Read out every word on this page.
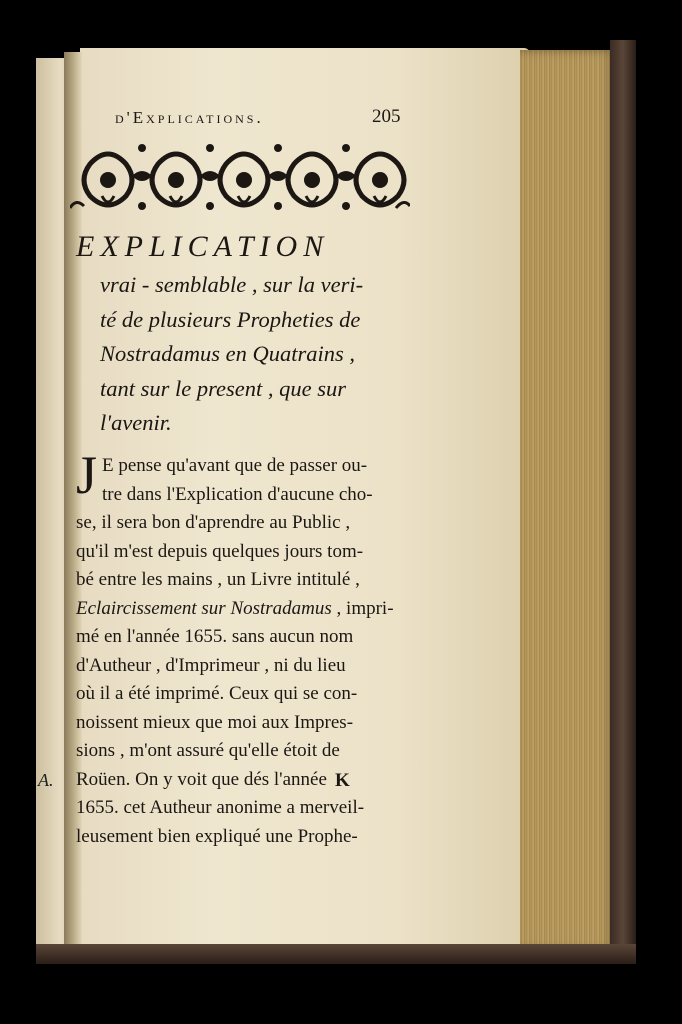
A.
d'Explications.	205
EXPLICATION
vrai - semblable , sur la veri-
té de plusieurs Propheties de
Nostradamus en Quatrains ,
tant sur le present , que sur
l'avenir.
J E pense qu'avant que de passer ou-
tre dans l'Explication d'aucune cho-
se, il sera bon d'aprendre au Public ,
qu'il m'est depuis quelques jours tom-
bé entre les mains , un Livre intitulé ,
Eclaircissement sur Nostradamus , impri-
mé en l'année 1655. sans aucun nom
d'Autheur , d'Imprimeur , ni du lieu
où il a été imprimé. Ceux qui se con-
noissent mieux que moi aux Impres-
sions , m'ont assuré qu'elle étoit de
Roüen. On y voit que dés l'année
1655. cet Autheur anonime a merveil-
leusement bien expliqué une Prophe-
K
